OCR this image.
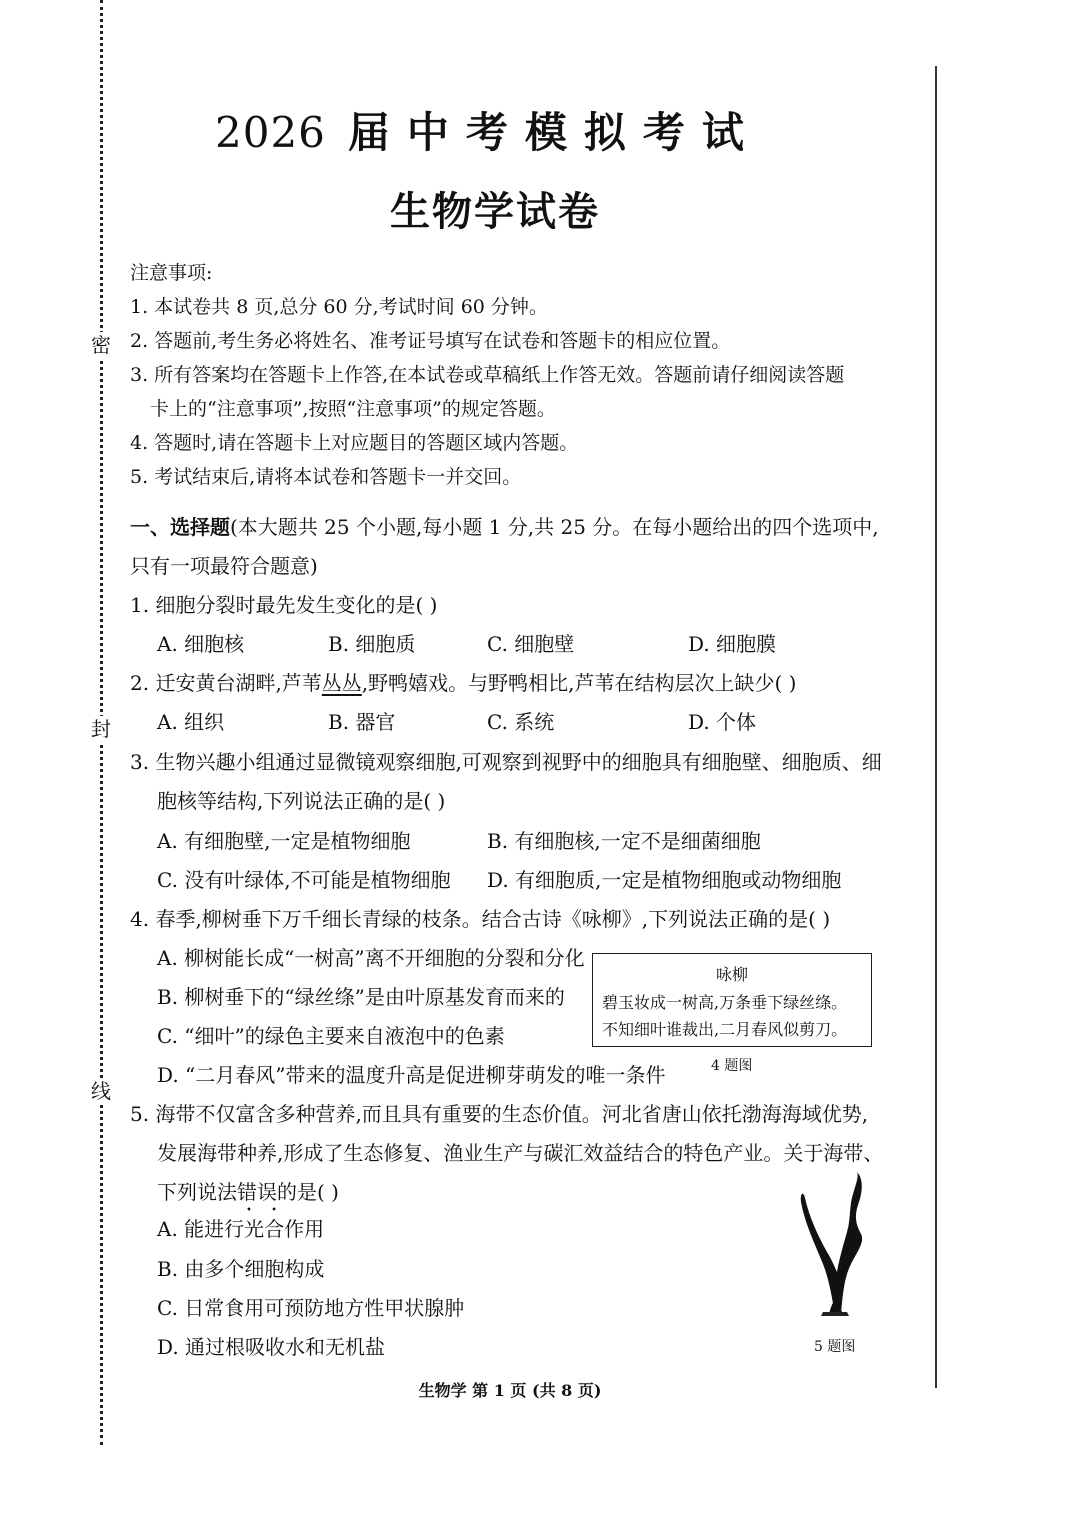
密
封
线
2026 届中考模拟考试
生物学试卷
注意事项:
1. 本试卷共 8 页,总分 60 分,考试时间 60 分钟。
2. 答题前,考生务必将姓名、准考证号填写在试卷和答题卡的相应位置。
3. 所有答案均在答题卡上作答,在本试卷或草稿纸上作答无效。答题前请仔细阅读答题
卡上的“注意事项”,按照“注意事项”的规定答题。
4. 答题时,请在答题卡上对应题目的答题区域内答题。
5. 考试结束后,请将本试卷和答题卡一并交回。
一、选择题(本大题共 25 个小题,每小题 1 分,共 25 分。在每小题给出的四个选项中,
只有一项最符合题意)
1. 细胞分裂时最先发生变化的是( )
A. 细胞核	B. 细胞质	C. 细胞壁	D. 细胞膜
2. 迁安黄台湖畔,芦苇丛丛,野鸭嬉戏。与野鸭相比,芦苇在结构层次上缺少( )
A. 组织	B. 器官	C. 系统	D. 个体
3. 生物兴趣小组通过显微镜观察细胞,可观察到视野中的细胞具有细胞壁、细胞质、细
胞核等结构,下列说法正确的是( )
A. 有细胞壁,一定是植物细胞	B. 有细胞核,一定不是细菌细胞
C. 没有叶绿体,不可能是植物细胞 D. 有细胞质,一定是植物细胞或动物细胞
4. 春季,柳树垂下万千细长青绿的枝条。结合古诗《咏柳》,下列说法正确的是( )
A. 柳树能长成“一树高”离不开细胞的分裂和分化
B. 柳树垂下的“绿丝绦”是由叶原基发育而来的
C. “细叶”的绿色主要来自液泡中的色素
D. “二月春风”带来的温度升高是促进柳芽萌发的唯一条件
咏柳
碧玉妆成一树高,万条垂下绿丝绦。
不知细叶谁裁出,二月春风似剪刀。
4 题图
5. 海带不仅富含多种营养,而且具有重要的生态价值。河北省唐山依托渤海海域优势,
发展海带种养,形成了生态修复、渔业生产与碳汇效益结合的特色产业。关于海带、
下列说法错误 • •的是( )
A. 能进行光合作用
B. 由多个细胞构成
C. 日常食用可预防地方性甲状腺肿
D. 通过根吸收水和无机盐	5 题图
生物学 第 1 页 (共 8 页)
